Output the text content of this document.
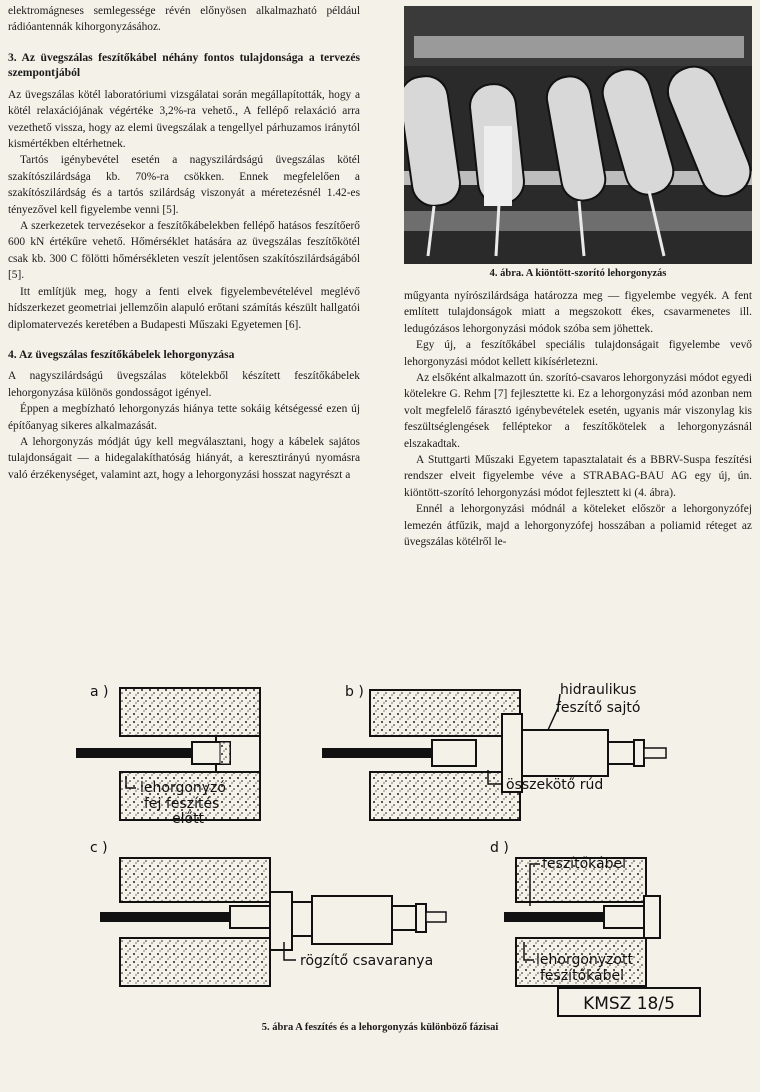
elektromágneses semlegessége révén előnyösen alkalmazható például rádióantennák kihorgonyzásához.

3. Az üvegszálas feszítőkábel néhány fontos tulajdonsága a tervezés szempontjából

Az üvegszálas kötél laboratóriumi vizsgálatai során megállapították, hogy a kötél relaxációjának végértéke 3,2%-ra vehető., A fellépő relaxáció arra vezethető vissza, hogy az elemi üvegszálak a tengellyel párhuzamos iránytól kismértékben eltérhetnek.

Tartós igénybevétel esetén a nagyszilárdságú üvegszálas kötél szakítószilárdsága kb. 70%-ra csökken. Ennek megfelelően a szakítószilárdság és a tartós szilárdság viszonyát a méretezésnél 1.42-es tényezővel kell figyelembe venni [5].

A szerkezetek tervezésekor a feszítőkábelekben fellépő hatásos feszítőerő 600 kN értékűre vehető. Hőmérséklet hatására az üvegszálas feszítőkötél csak kb. 300 C fölötti hőmérsékleten veszít jelentősen szakítószilárdságából [5].

Itt említjük meg, hogy a fenti elvek figyelembevételével meglévő hídszerkezet geometriai jellemzőin alapuló erőtani számítás készült hallgatói diplomatervezés keretében a Budapesti Műszaki Egyetemen [6].

4. Az üvegszálas feszítőkábelek lehorgonyzása

A nagyszilárdságú üvegszálas kötelekből készített feszítőkábelek lehorgonyzása különös gondosságot igényel.

Éppen a megbízható lehorgonyzás hiánya tette sokáig kétségessé ezen új építőanyag sikeres alkalmazását.

A lehorgonyzás módját úgy kell megválasztani, hogy a kábelek sajátos tulajdonságait — a hidegalakíthatóság hiányát, a keresztirányú nyomásra való érzékenységet, valamint azt, hogy a lehorgonyzási hosszat nagyrészt a

4. ábra. A kiöntött-szorító lehorgonyzás

műgyanta nyírószilárdsága határozza meg — figyelembe vegyék. A fent említett tulajdonságok miatt a megszokott ékes, csavarmenetes ill. ledugózásos lehorgonyzási módok szóba sem jöhettek.

Egy új, a feszítőkábel speciális tulajdonságait figyelembe vevő lehorgonyzási módot kellett kikísérletezni.

Az elsőként alkalmazott ún. szorító-csavaros lehorgonyzási módot egyedi kötelekre G. Rehm [7] fejlesztette ki. Ez a lehorgonyzási mód azonban nem volt megfelelő fárasztó igénybevételek esetén, ugyanis már viszonylag kis feszültséglengések felléptekor a feszítőkötelek a lehorgonyzásnál elszakadtak.

A Stuttgarti Műszaki Egyetem tapasztalatait és a BBRV-Suspa feszítési rendszer elveit figyelembe véve a STRABAG-BAU AG egy új, ún. kiöntött-szorító lehorgonyzási módot fejlesztett ki (4. ábra).

Ennél a lehorgonyzási módnál a köteleket először a lehorgonyzófej lemezén átfűzik, majd a lehorgonyzófej hosszában a poliamid réteget az üvegszálas kötélről le-

a )
lehorgonyzó
fej feszítés
előtt
b )	hidraulikus
feszítő sajtó
összekötő rúd
c )
rögzítő csavaranya
d )
feszítőkábel
lehorgonyzott
feszítőkábel
KMSZ 18/5
5. ábra A feszítés és a lehorgonyzás különböző fázisai
